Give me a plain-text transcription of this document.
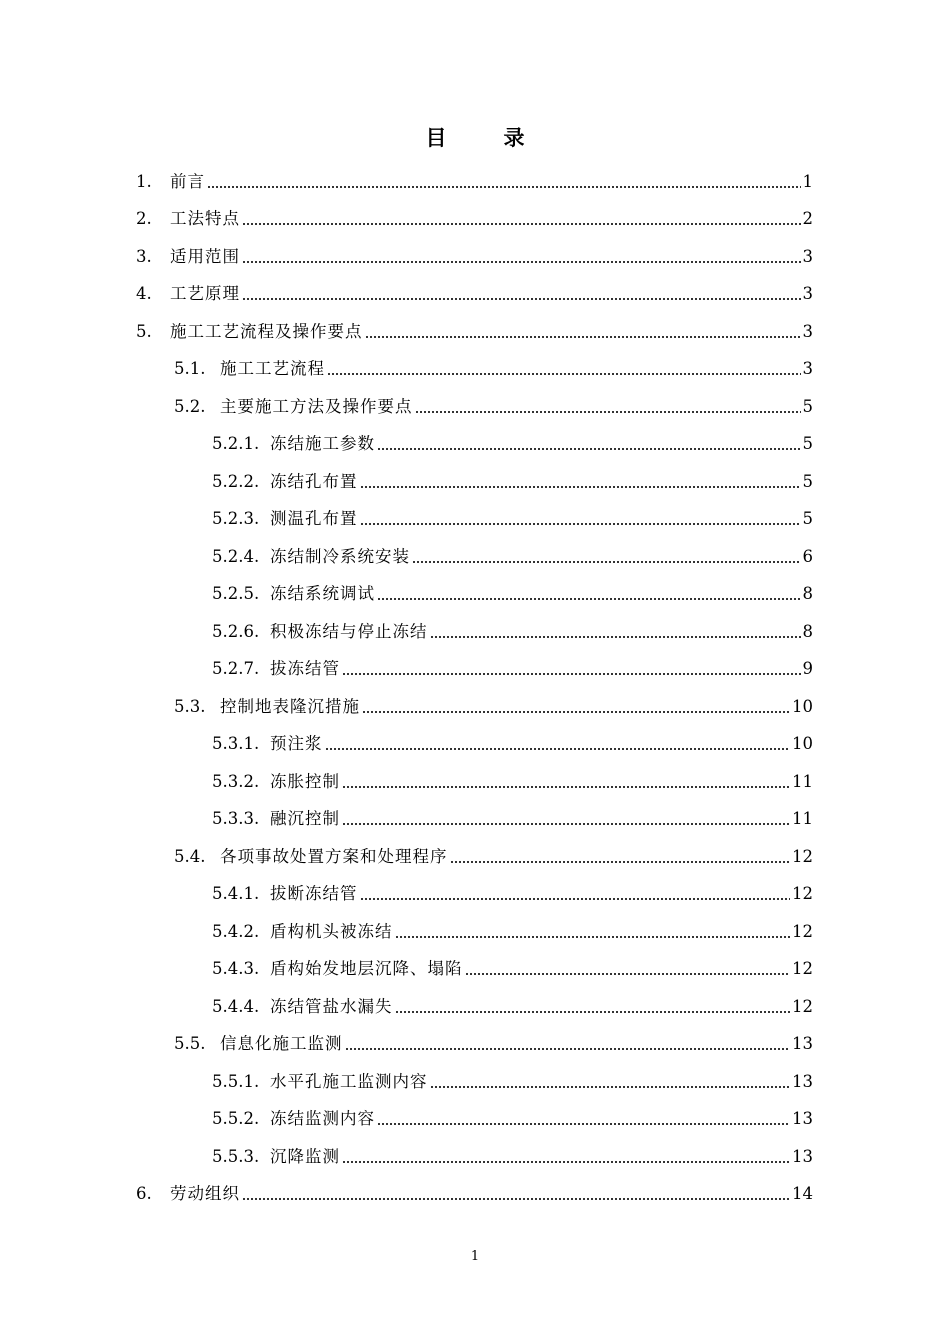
目　录
1.	前言	1
2.	工法特点	2
3.	适用范围	3
4.	工艺原理	3
5.	施工工艺流程及操作要点	3
5.1. 施工工艺流程	3
5.2. 主要施工方法及操作要点	5
5.2.1. 冻结施工参数	5
5.2.2. 冻结孔布置	5
5.2.3. 测温孔布置	5
5.2.4. 冻结制冷系统安装	6
5.2.5. 冻结系统调试	8
5.2.6. 积极冻结与停止冻结	8
5.2.7. 拔冻结管	9
5.3. 控制地表隆沉措施	10
5.3.1. 预注浆	10
5.3.2. 冻胀控制	11
5.3.3. 融沉控制	11
5.4. 各项事故处置方案和处理程序	12
5.4.1. 拔断冻结管	12
5.4.2. 盾构机头被冻结	12
5.4.3. 盾构始发地层沉降、塌陷	12
5.4.4. 冻结管盐水漏失	12
5.5. 信息化施工监测	13
5.5.1. 水平孔施工监测内容	13
5.5.2. 冻结监测内容	13
5.5.3. 沉降监测	13
6.	劳动组织	14
1
